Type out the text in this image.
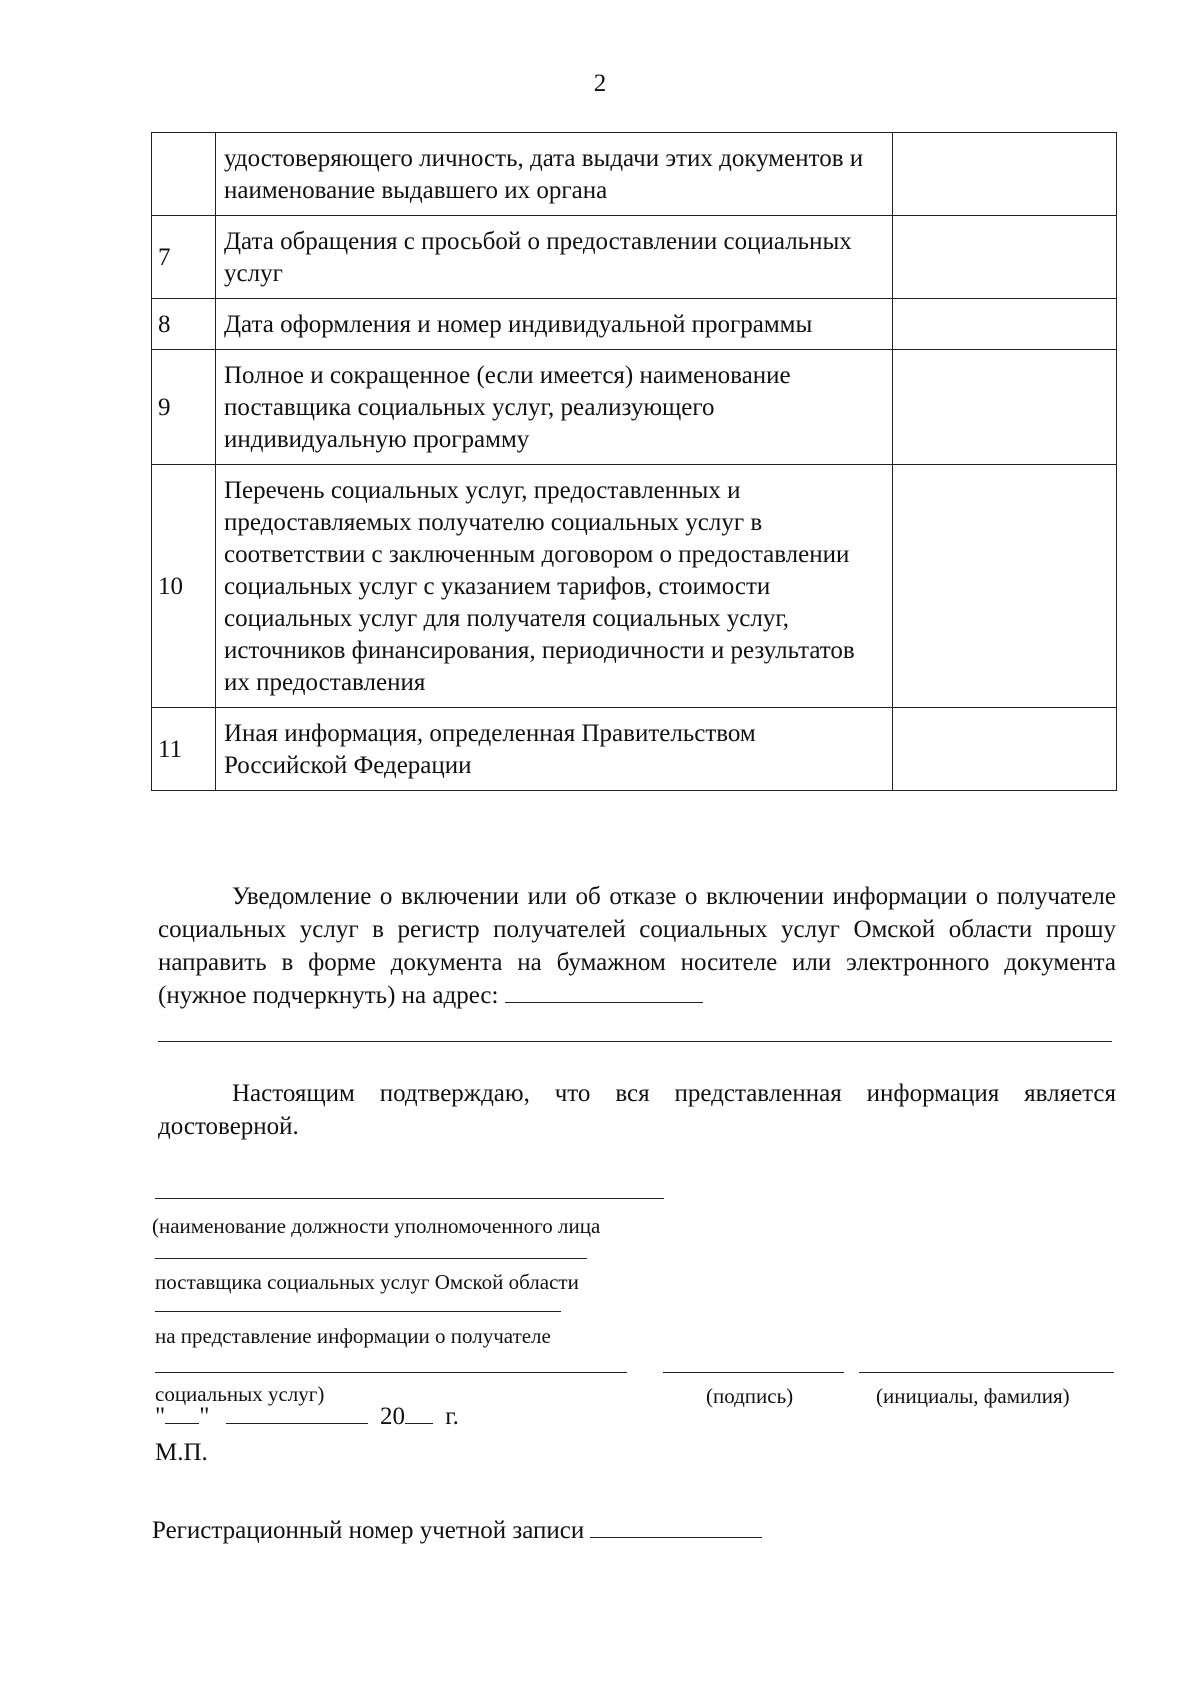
2
	удостоверяющего личность, дата выдачи этих документов и наименование выдавшего их органа	
7	Дата обращения с просьбой о предоставлении социальных услуг	
8	Дата оформления и номер индивидуальной программы	
9	Полное и сокращенное (если имеется) наименование поставщика социальных услуг, реализующего индивидуальную программу	
10	Перечень социальных услуг, предоставленных и предоставляемых получателю социальных услуг в соответствии с заключенным договором о предоставлении социальных услуг с указанием тарифов, стоимости социальных услуг для получателя социальных услуг, источников финансирования, периодичности и результатов их предоставления	
11	Иная информация, определенная Правительством Российской Федерации	

Уведомление о включении или об отказе о включении информации о получателе социальных услуг в регистр получателей социальных услуг Омской области прошу направить в форме документа на бумажном носителе или электронного документа (нужное подчеркнуть) на адрес:

Настоящим подтверждаю, что вся представленная информация является достоверной.

(наименование должности уполномоченного лица
поставщика социальных услуг Омской области
на представление информации о получателе
социальных услуг)	(подпись)	(инициалы, фамилия)
" "	20 г.
М.П.
Регистрационный номер учетной записи
